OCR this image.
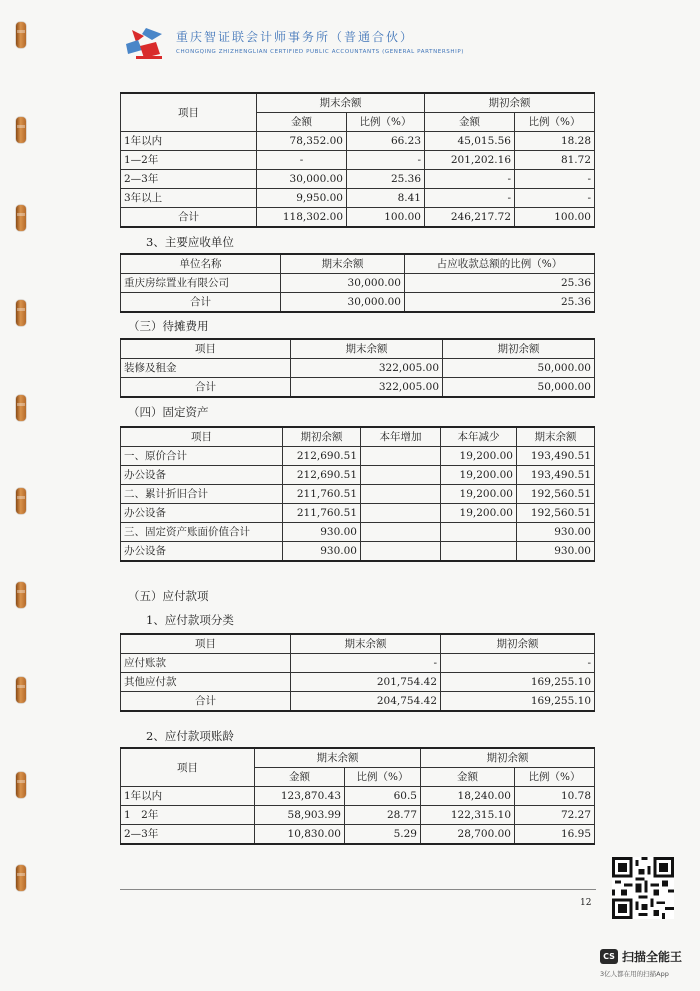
重庆智证联会计师事务所（普通合伙）
CHONGQING ZHIZHENGLIAN CERTIFIED PUBLIC ACCOUNTANTS (GENERAL PARTNERSHIP)
项目	期末余额		期初余额	
	金额	比例（%）	金额	比例（%）
1年以内	78,352.00	66.23	45,015.56	18.28
1—2年	-	-	201,202.16	81.72
2—3年	30,000.00	25.36	-	-
3年以上	9,950.00	8.41	-	-
合计	118,302.00	100.00	246,217.72	100.00
3、主要应收单位
单位名称	期末余额	占应收款总额的比例（%）
重庆房综置业有限公司	30,000.00	25.36
合计	30,000.00	25.36
（三）待摊费用
项目	期末余额	期初余额
装修及租金	322,005.00	50,000.00
合计	322,005.00	50,000.00
（四）固定资产
项目	期初余额	本年增加	本年减少	期末余额
一、原价合计	212,690.51		19,200.00	193,490.51
办公设备	212,690.51		19,200.00	193,490.51
二、累计折旧合计	211,760.51		19,200.00	192,560.51
办公设备	211,760.51		19,200.00	192,560.51
三、固定资产账面价值合计	930.00			930.00
办公设备	930.00			930.00
（五）应付款项
1、应付款项分类
项目	期末余额	期初余额
应付账款	-	-
其他应付款	201,754.42	169,255.10
合计	204,754.42	169,255.10
2、应付款项账龄
项目	期末余额		期初余额	
	金额	比例（%）	金额	比例（%）
1年以内	123,870.43	60.5	18,240.00	10.78
1　2年	58,903.99	28.77	122,315.10	72.27
2—3年	10,830.00	5.29	28,700.00	16.95
12
CS 扫描全能王
3亿人都在用的扫描App
